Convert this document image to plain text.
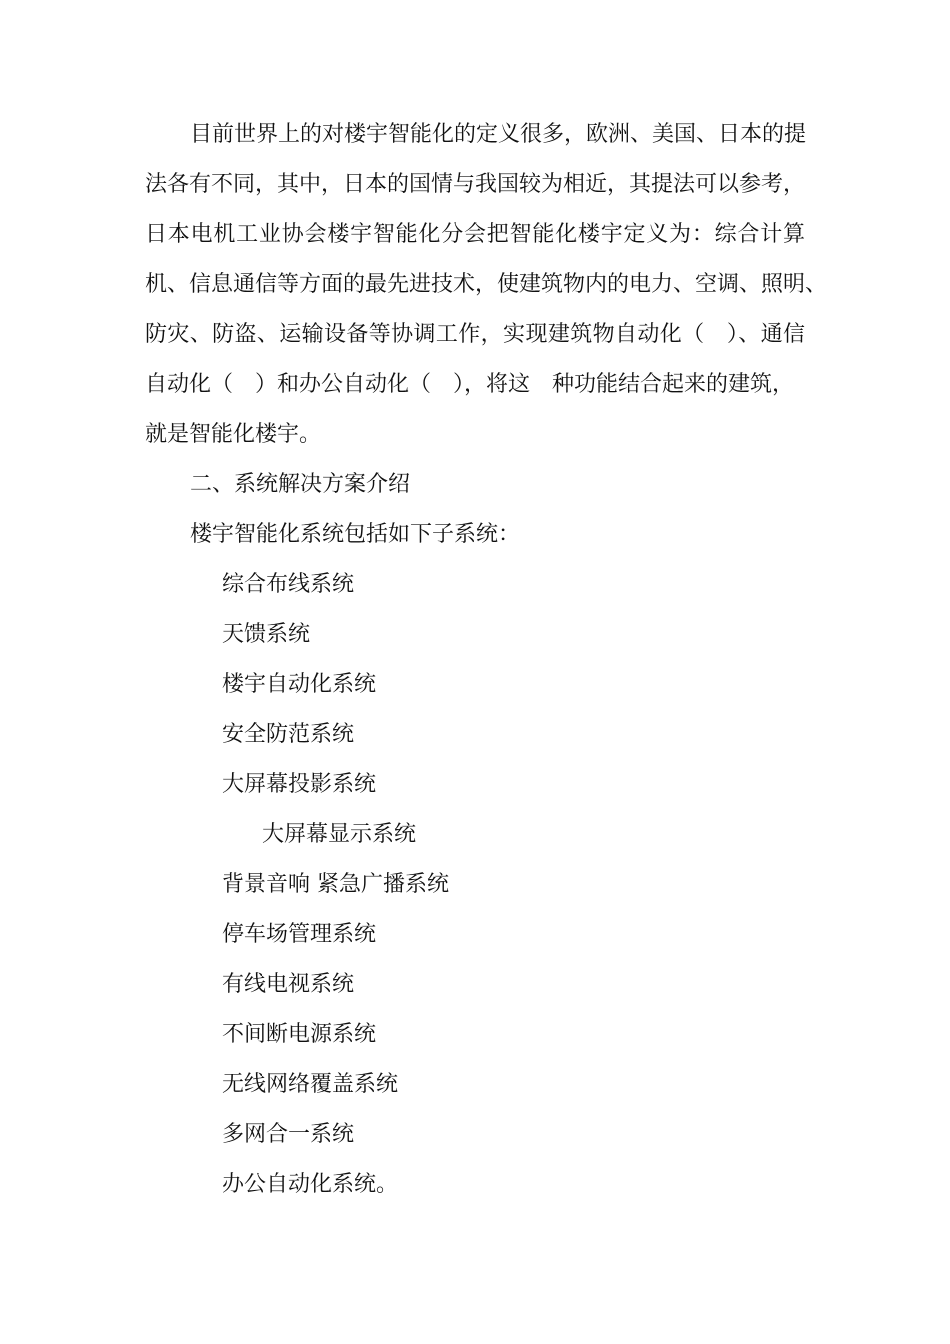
目前世界上的对楼宇智能化的定义很多，欧洲、美国、日本的提
法各有不同，其中，日本的国情与我国较为相近，其提法可以参考，
日本电机工业协会楼宇智能化分会把智能化楼宇定义为：综合计算
机、信息通信等方面的最先进技术，使建筑物内的电力、空调、照明、
防灾、防盗、运输设备等协调工作，实现建筑物自动化（　）、通信
自动化（　）和办公自动化（　），将这　种功能结合起来的建筑，
就是智能化楼宇。
二、系统解决方案介绍
楼宇智能化系统包括如下子系统：
综合布线系统
天馈系统
楼宇自动化系统
安全防范系统
大屏幕投影系统
大屏幕显示系统
背景音响 紧急广播系统
停车场管理系统
有线电视系统
不间断电源系统
无线网络覆盖系统
多网合一系统
办公自动化系统。
